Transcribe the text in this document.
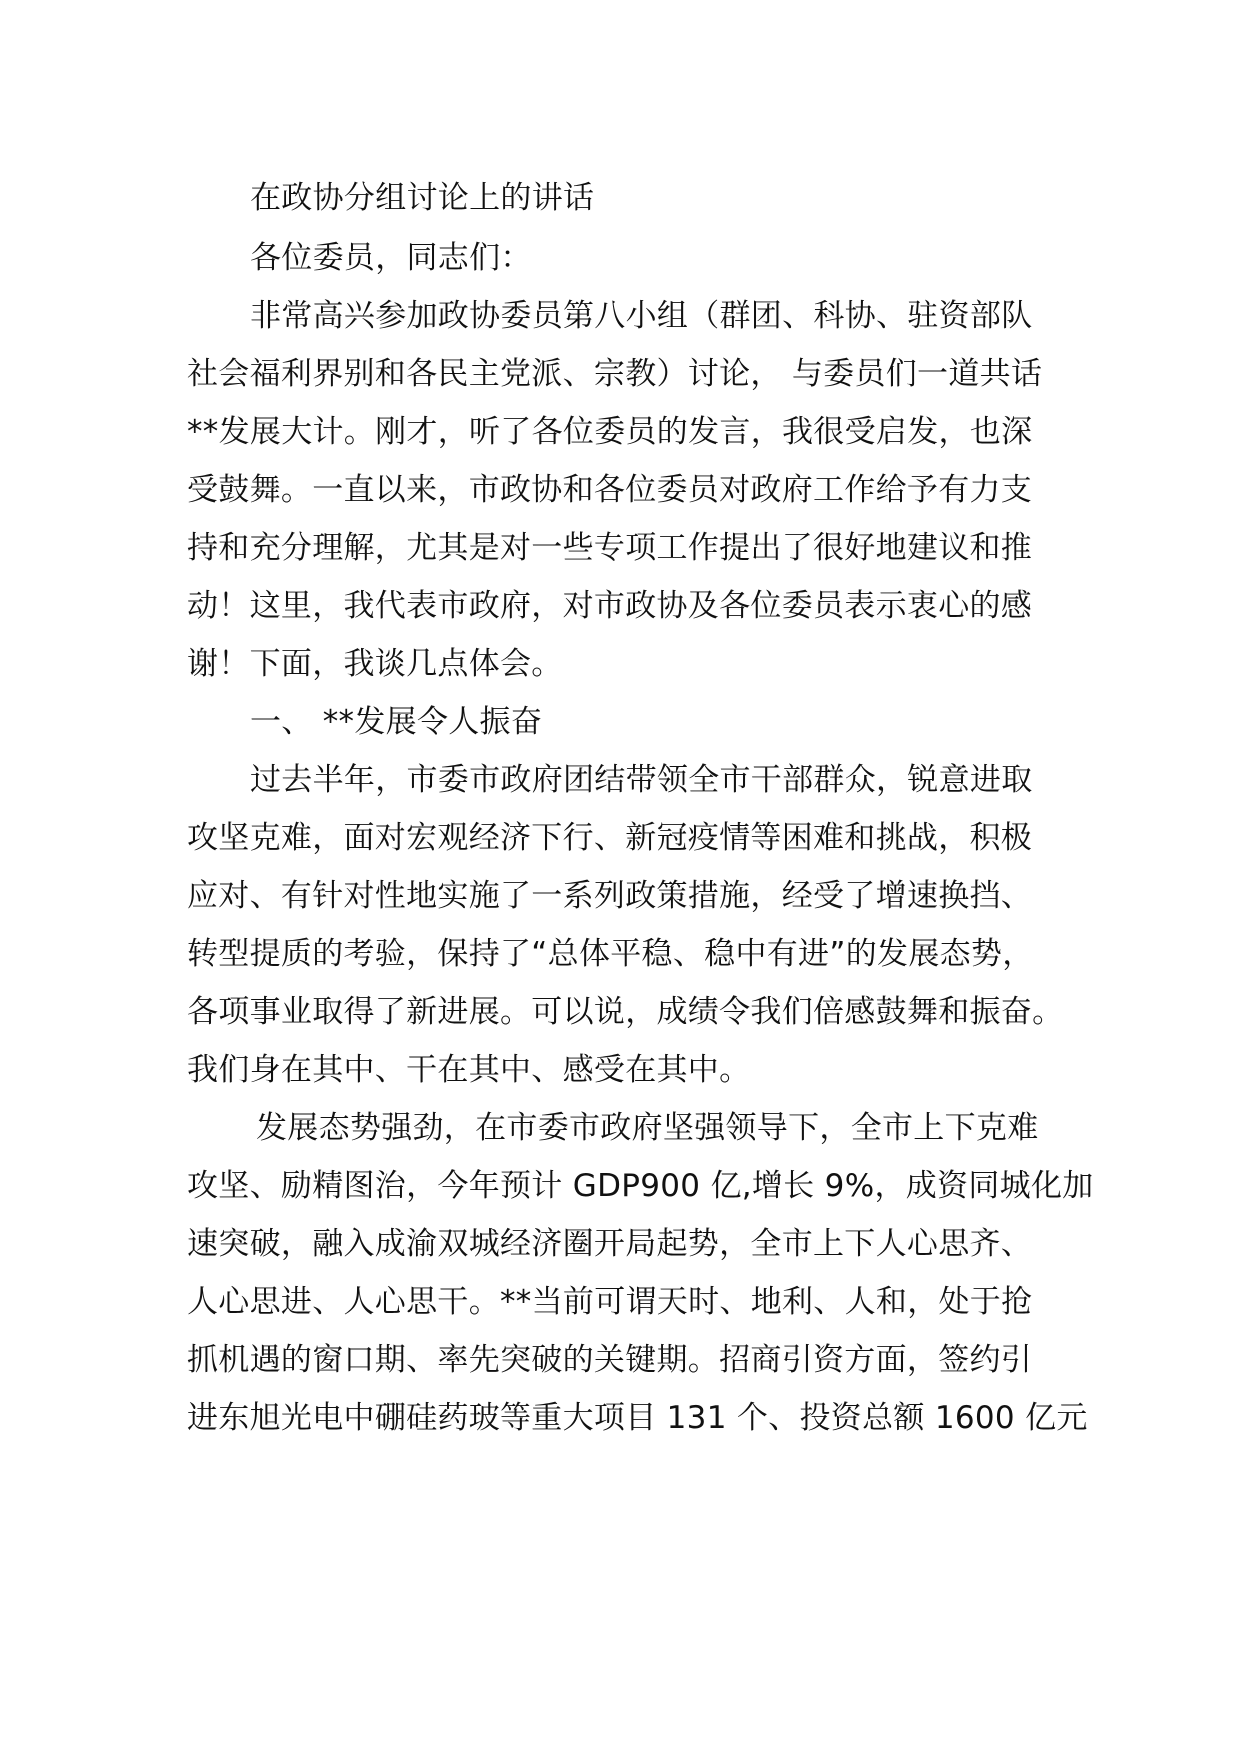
在政协分组讨论上的讲话
各位委员，同志们：
非常高兴参加政协委员第八小组（群团、科协、驻资部队
社会福利界别和各民主党派、宗教）讨论， 与委员们一道共话
**发展大计。刚才，听了各位委员的发言，我很受启发，也深
受鼓舞。一直以来，市政协和各位委员对政府工作给予有力支
持和充分理解，尤其是对一些专项工作提出了很好地建议和推
动！这里，我代表市政府，对市政协及各位委员表示衷心的感
谢！下面，我谈几点体会。
一、 **发展令人振奋
过去半年，市委市政府团结带领全市干部群众，锐意进取
攻坚克难，面对宏观经济下行、新冠疫情等困难和挑战，积极
应对、有针对性地实施了一系列政策措施，经受了增速换挡、
转型提质的考验，保持了“总体平稳、稳中有进”的发展态势，
各项事业取得了新进展。可以说，成绩令我们倍感鼓舞和振奋。
我们身在其中、干在其中、感受在其中。
发展态势强劲，在市委市政府坚强领导下，全市上下克难
攻坚、励精图治，今年预计 GDP900 亿,增长 9%，成资同城化加
速突破，融入成渝双城经济圈开局起势，全市上下人心思齐、
人心思进、人心思干。**当前可谓天时、地利、人和，处于抢
抓机遇的窗口期、率先突破的关键期。招商引资方面，签约引
进东旭光电中硼硅药玻等重大项目 131 个、投资总额 1600 亿元
